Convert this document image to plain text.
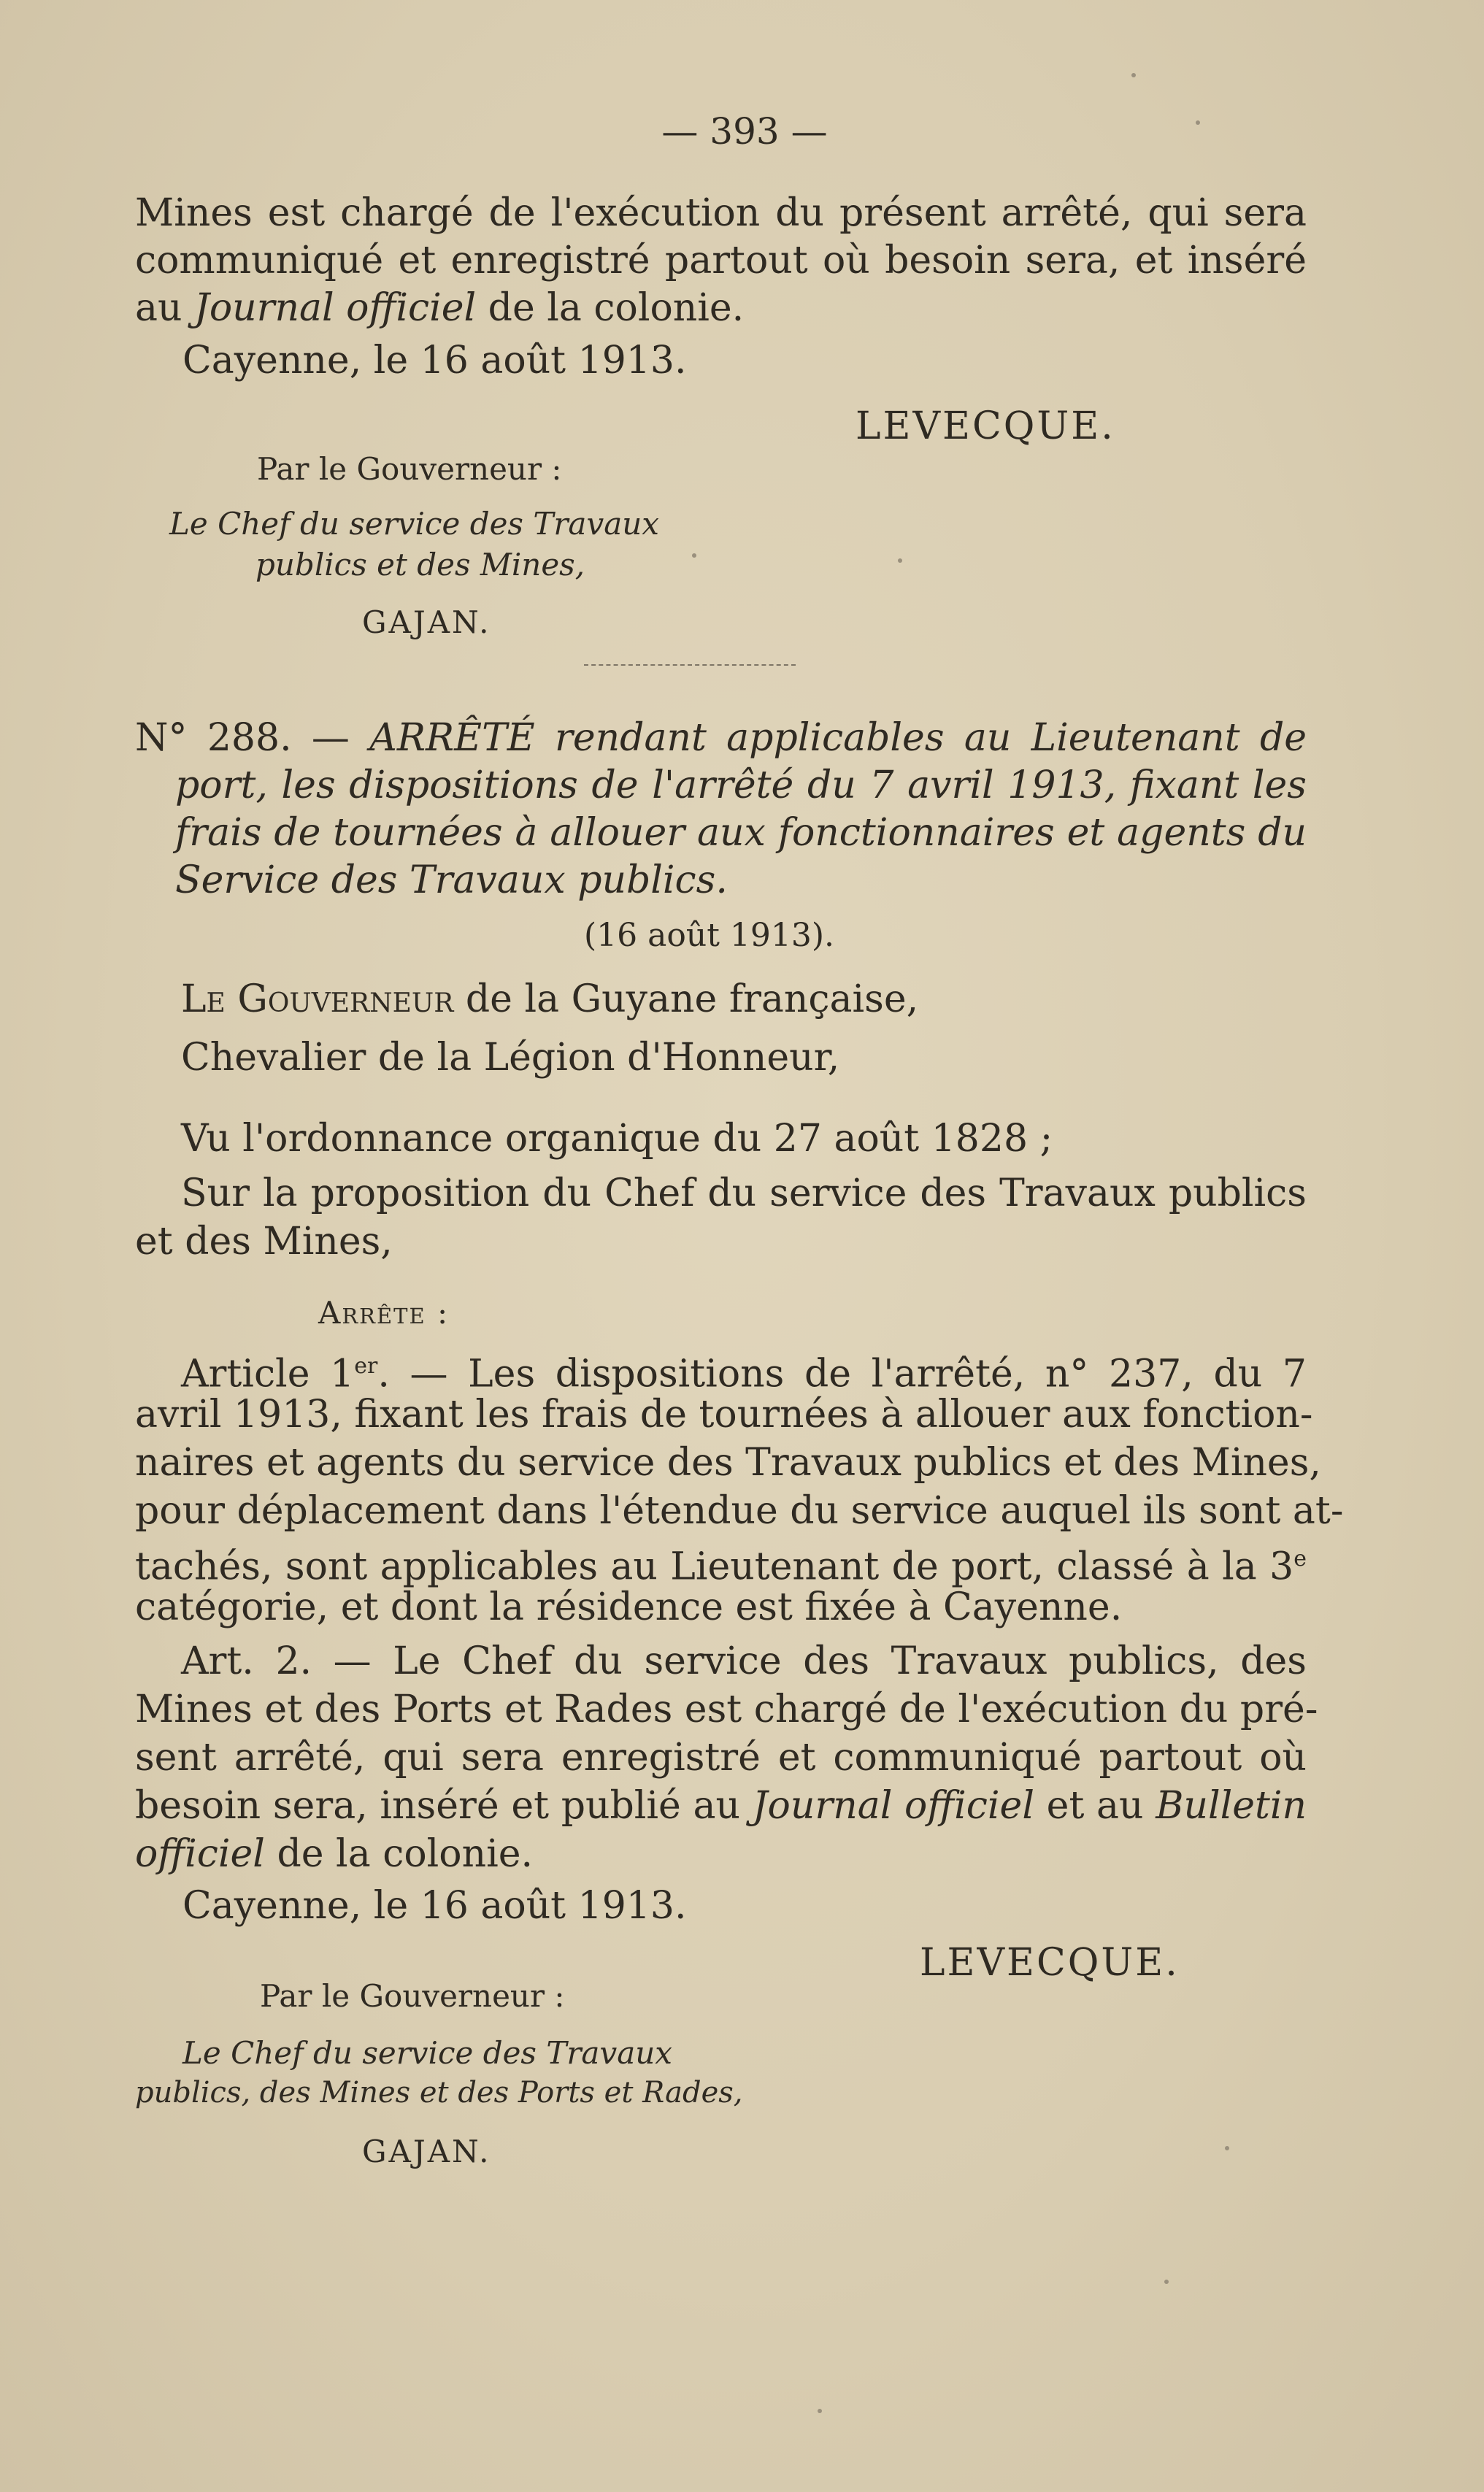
— 393 —
Mines est chargé de l'exécution du présent arrêté, qui sera
communiqué et enregistré partout où besoin sera, et inséré
au Journal officiel de la colonie.
Cayenne, le 16 août 1913.
LEVECQUE.
Par le Gouverneur :
Le Chef du service des Travaux
publics et des Mines,
GAJAN.
N° 288. — ARRÊTÉ rendant applicables au Lieutenant de
port, les dispositions de l'arrêté du 7 avril 1913, fixant les
frais de tournées à allouer aux fonctionnaires et agents du
Service des Travaux publics.
(16 août 1913).
Le Gouverneur de la Guyane française,
Chevalier de la Légion d'Honneur,
Vu l'ordonnance organique du 27 août 1828 ;
Sur la proposition du Chef du service des Travaux publics
et des Mines,
Arrête :
Article 1er. — Les dispositions de l'arrêté, n° 237, du 7
avril 1913, fixant les frais de tournées à allouer aux fonction-
naires et agents du service des Travaux publics et des Mines,
pour déplacement dans l'étendue du service auquel ils sont at-
tachés, sont applicables au Lieutenant de port, classé à la 3e
catégorie, et dont la résidence est fixée à Cayenne.
Art. 2. — Le Chef du service des Travaux publics, des
Mines et des Ports et Rades est chargé de l'exécution du pré-
sent arrêté, qui sera enregistré et communiqué partout où
besoin sera, inséré et publié au Journal officiel et au Bulletin
officiel de la colonie.
Cayenne, le 16 août 1913.
LEVECQUE.
Par le Gouverneur :
Le Chef du service des Travaux
publics, des Mines et des Ports et Rades,
GAJAN.
